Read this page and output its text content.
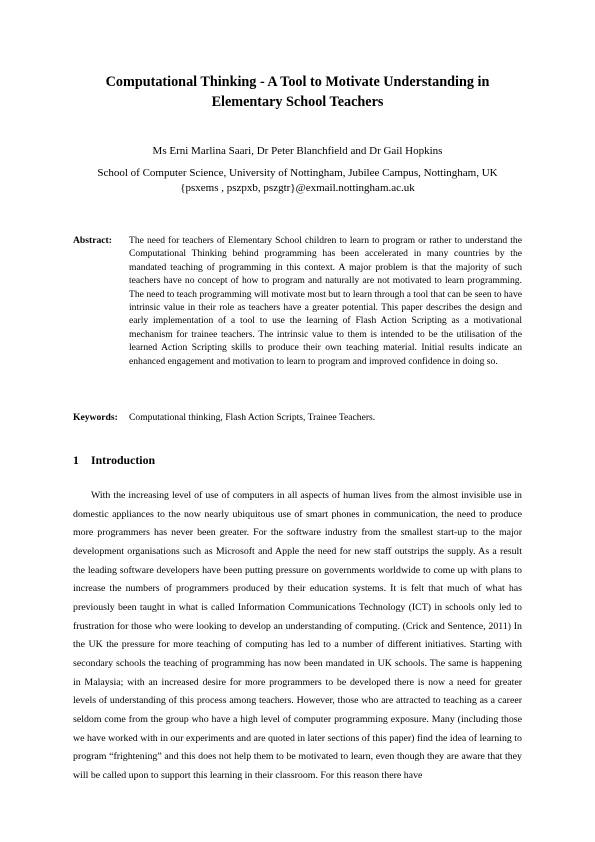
Computational Thinking - A Tool to Motivate Understanding in
Elementary School Teachers
Ms Erni Marlina Saari, Dr Peter Blanchfield and Dr Gail Hopkins
School of Computer Science, University of Nottingham, Jubilee Campus, Nottingham, UK
{psxems , pszpxb, pszgtr}@exmail.nottingham.ac.uk
Abstract: The need for teachers of Elementary School children to learn to program or rather to understand the Computational Thinking behind programming has been accelerated in many countries by the mandated teaching of programming in this context. A major problem is that the majority of such teachers have no concept of how to program and naturally are not motivated to learn programming. The need to teach programming will motivate most but to learn through a tool that can be seen to have intrinsic value in their role as teachers have a greater potential. This paper describes the design and early implementation of a tool to use the learning of Flash Action Scripting as a motivational mechanism for trainee teachers. The intrinsic value to them is intended to be the utilisation of the learned Action Scripting skills to produce their own teaching material. Initial results indicate an enhanced engagement and motivation to learn to program and improved confidence in doing so.
Keywords: Computational thinking, Flash Action Scripts, Trainee Teachers.
1 Introduction

With the increasing level of use of computers in all aspects of human lives from the almost invisible use in domestic appliances to the now nearly ubiquitous use of smart phones in communication, the need to produce more programmers has never been greater. For the software industry from the smallest start-up to the major development organisations such as Microsoft and Apple the need for new staff outstrips the supply. As a result the leading software developers have been putting pressure on governments worldwide to come up with plans to increase the numbers of programmers produced by their education systems. It is felt that much of what has previously been taught in what is called Information Communications Technology (ICT) in schools only led to frustration for those who were looking to develop an understanding of computing. (Crick and Sentence, 2011) In the UK the pressure for more teaching of computing has led to a number of different initiatives. Starting with secondary schools the teaching of programming has now been mandated in UK schools. The same is happening in Malaysia; with an increased desire for more programmers to be developed there is now a need for greater levels of understanding of this process among teachers. However, those who are attracted to teaching as a career seldom come from the group who have a high level of computer programming exposure. Many (including those we have worked with in our experiments and are quoted in later sections of this paper) find the idea of learning to program “frightening” and this does not help them to be motivated to learn, even though they are aware that they will be called upon to support this learning in their classroom. For this reason there have
